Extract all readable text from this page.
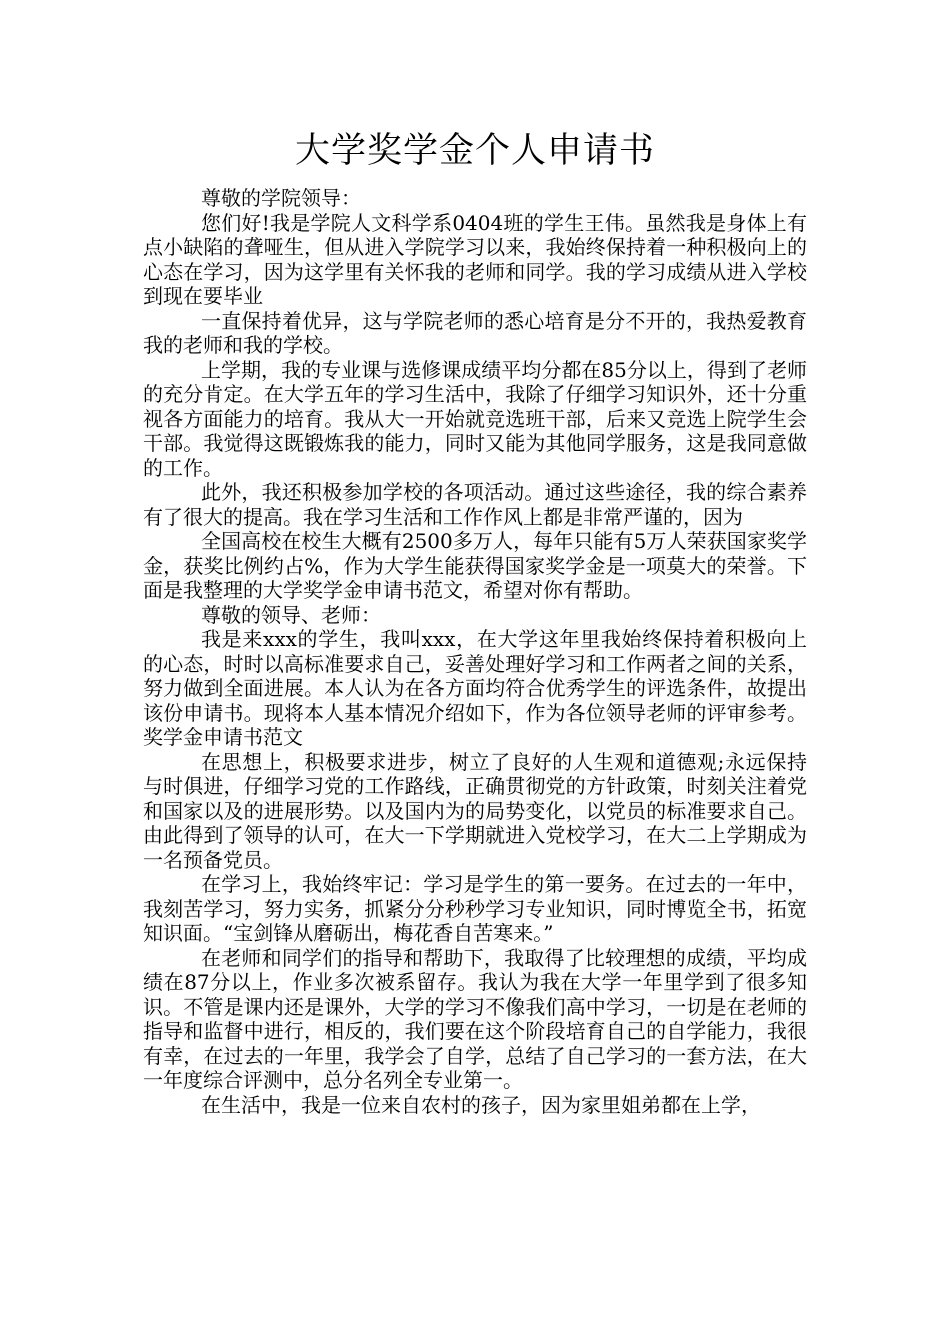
大学奖学金个人申请书

尊敬的学院领导：

您们好!我是学院人文科学系0404班的学生王伟。虽然我是身体上有点小缺陷的聋哑生，但从进入学院学习以来，我始终保持着一种积极向上的心态在学习，因为这学里有关怀我的老师和同学。我的学习成绩从进入学校到现在要毕业

一直保持着优异，这与学院老师的悉心培育是分不开的，我热爱教育我的老师和我的学校。

上学期，我的专业课与选修课成绩平均分都在85分以上，得到了老师的充分肯定。在大学五年的学习生活中，我除了仔细学习知识外，还十分重视各方面能力的培育。我从大一开始就竞选班干部，后来又竞选上院学生会干部。我觉得这既锻炼我的能力，同时又能为其他同学服务，这是我同意做的工作。

此外，我还积极参加学校的各项活动。通过这些途径，我的综合素养有了很大的提高。我在学习生活和工作作风上都是非常严谨的，因为

全国高校在校生大概有2500多万人，每年只能有5万人荣获国家奖学金，获奖比例约占%，作为大学生能获得国家奖学金是一项莫大的荣誉。下面是我整理的大学奖学金申请书范文，希望对你有帮助。

尊敬的领导、老师：

我是来xxx的学生，我叫xxx，在大学这年里我始终保持着积极向上的心态，时时以高标准要求自己，妥善处理好学习和工作两者之间的关系，努力做到全面进展。本人认为在各方面均符合优秀学生的评选条件，故提出该份申请书。现将本人基本情况介绍如下，作为各位领导老师的评审参考。奖学金申请书范文

在思想上，积极要求进步，树立了良好的人生观和道德观;永远保持与时俱进，仔细学习党的工作路线，正确贯彻党的方针政策，时刻关注着党和国家以及的进展形势。以及国内为的局势变化，以党员的标准要求自己。由此得到了领导的认可，在大一下学期就进入党校学习，在大二上学期成为一名预备党员。

在学习上，我始终牢记：学习是学生的第一要务。在过去的一年中，我刻苦学习，努力实务，抓紧分分秒秒学习专业知识，同时博览全书，拓宽知识面。“宝剑锋从磨砺出，梅花香自苦寒来。”

在老师和同学们的指导和帮助下，我取得了比较理想的成绩，平均成绩在87分以上，作业多次被系留存。我认为我在大学一年里学到了很多知识。不管是课内还是课外，大学的学习不像我们高中学习，一切是在老师的指导和监督中进行，相反的，我们要在这个阶段培育自己的自学能力，我很有幸，在过去的一年里，我学会了自学，总结了自己学习的一套方法，在大一年度综合评测中，总分名列全专业第一。

在生活中，我是一位来自农村的孩子，因为家里姐弟都在上学，
